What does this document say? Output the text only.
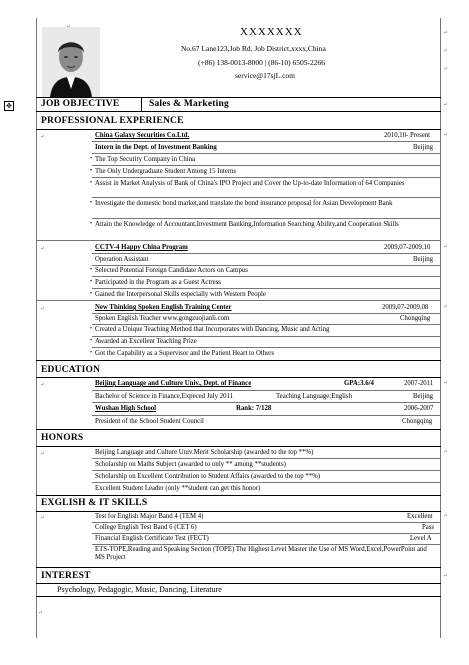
XXXXXXX
No.67 Lane123,Job Rd. Job District,xxxx,China
(+86) 138-0013-8000 | (86-10) 6505-2266
service@17sjL.com
✥	JOB OBJECTIVE	Sales & Marketing
PROFESSIONAL EXPERIENCE
China Galaxy Securities Co.Ltd.	2010,10- Present
Intern in the Dept. of Investment Banking	Beijing
• The Top Security Company in China
• The Only Undergraduate Student Among 15 Interns
• Assist in Market Analysis of Bank of China's IPO Project and Cover the Up-to-date Information of 64 Companies
• Investigate the domestic bond market,and translate the bond insurance proposal for Asian Development Bank
• Attain the Knowledge of Accountant,Investment Banking,Information Searching Ability,and Cooperation Skills
CCTV-4 Happy China Program	2009,07-2009,10
Operation Assistant	Beijing
• Selected Potential Foreign Candidate Actors on Campus
• Participated in the Program as a Guest Actress
• Gained the Interpersonal Skills especially with Western People
New Thinking Spoken English Training Center	2009,07-2009,08
Spoken English Teacher www.gongzuojianli.com	Chongqing
• Created a Unique Teaching Method that Incorporates with Dancing, Music and Acting
• Awarded an Excellent Teaching Prize
• Got the Capability as a Supervisor and the Patient Heart to Others
EDUCATION
Beijing Language and Culture Univ., Dept. of Finance	GPA:3.6/4	2007-2011
Bachelor of Science in Finance,Expeced July 2011	Teaching Language:English	Beijing
Wushan High School	Rank: 7/128	2006-2007
President of the School Student Council	Chongqing
HONORS
Beijing Language and Culture Univ.Merit Scholarship (awarded to the top **%)
Scholarship on Maths Subject (awarded to only ** among **students)
Scholarship on Excellent Contribution to Student Affairs (awarded to the top **%)
Excellent Student Leader (only **student can get this honor)
EXGLISH & IT SKILLS
Test for English Major Band 4 (TEM 4)	Excellent
College English Test Band 6 (CET 6)	Pass
Financial English Certificate Test (FECT)	Level A
ETS-TOPE,Reading and Speaking Section (TOPE) The Highest Level Master the Use of MS Word,Excel,PowerPoint and MS Project
INTEREST
Psychology, Pedagogic, Music, Dancing, Literature
↵
↵
↵
↵
↵
↵
↵
↵
↵
↵
↵
↵
↵
↵
↵
↵
↵
↵
↵
